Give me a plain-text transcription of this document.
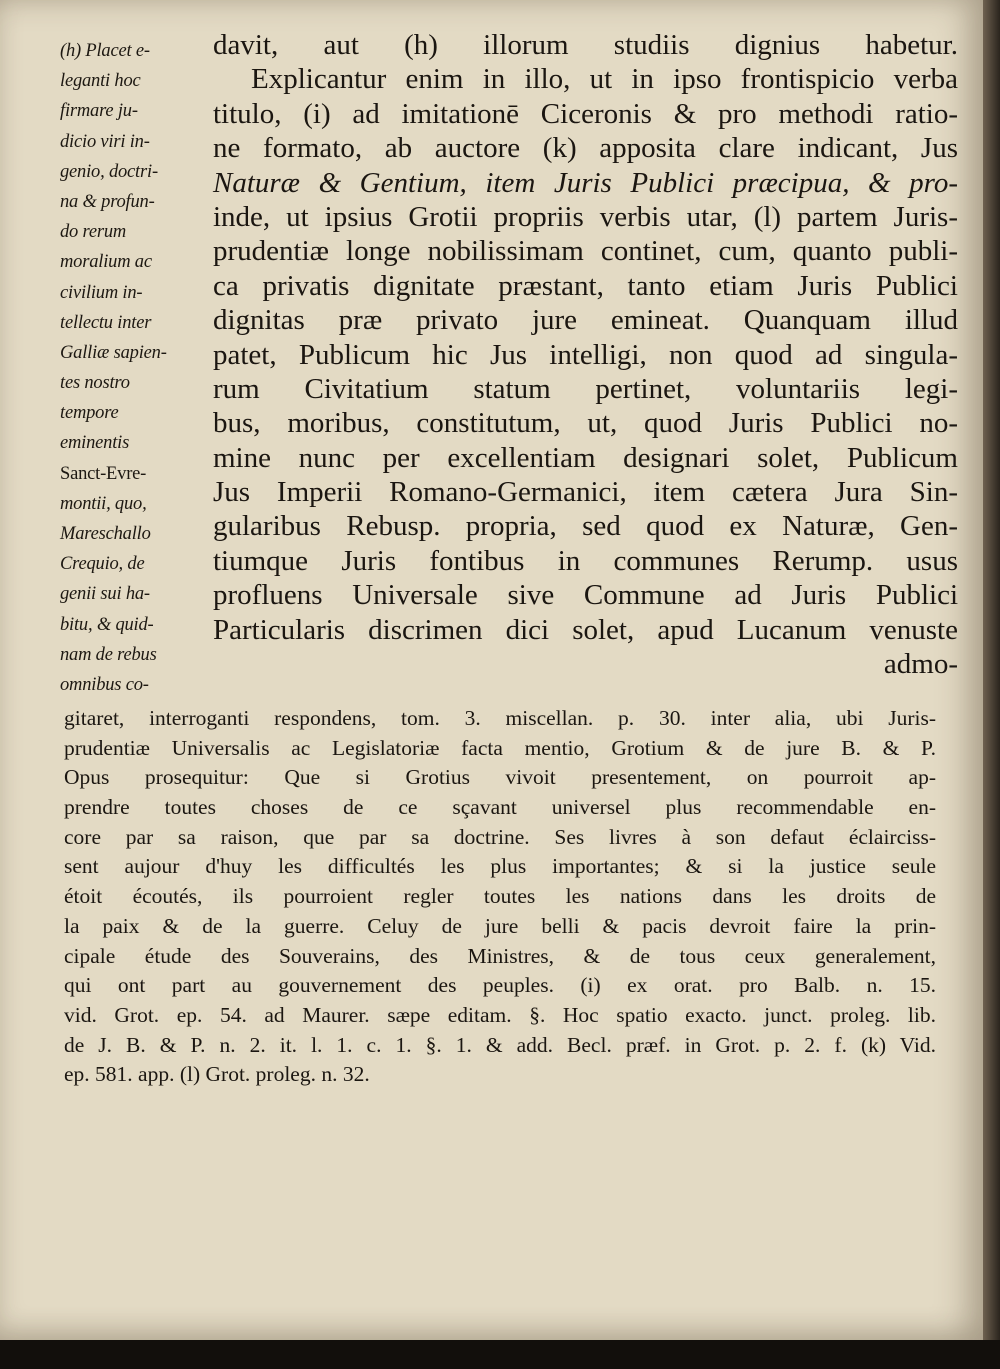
(h) Placet e-
leganti hoc
firmare ju-
dicio viri in-
genio, doctri-
na & profun-
do rerum
moralium ac
civilium in-
tellectu inter
Galliæ sapien-
tes nostro
tempore
eminentis
Sanct-Evre-
montii, quo,
Mareschallo
Crequio, de
genii sui ha-
bitu, & quid-
nam de rebus
omnibus co-
davit, aut (h) illorum studiis dignius habetur.
Explicantur enim in illo, ut in ipso frontispicio verba
titulo, (i) ad imitationē Ciceronis & pro methodi ratio-
ne formato, ab auctore (k) apposita clare indicant, Jus
Naturæ & Gentium, item Juris Publici præcipua, & pro-
inde, ut ipsius Grotii propriis verbis utar, (l) partem Juris-
prudentiæ longe nobilissimam continet, cum, quanto publi-
ca privatis dignitate præstant, tanto etiam Juris Publici
dignitas præ privato jure emineat. Quanquam illud
patet, Publicum hic Jus intelligi, non quod ad singula-
rum Civitatium statum pertinet, voluntariis legi-
bus, moribus, constitutum, ut, quod Juris Publici no-
mine nunc per excellentiam designari solet, Publicum
Jus Imperii Romano-Germanici, item cætera Jura Sin-
gularibus Rebusp. propria, sed quod ex Naturæ, Gen-
tiumque Juris fontibus in communes Rerump. usus
profluens Universale sive Commune ad Juris Publici
Particularis discrimen dici solet, apud Lucanum venuste
admo-
gitaret, interroganti respondens, tom. 3. miscellan. p. 30. inter alia, ubi Juris-
prudentiæ Universalis ac Legislatoriæ facta mentio, Grotium & de jure B. & P.
Opus prosequitur: Que si Grotius vivoit presentement, on pourroit ap-
prendre toutes choses de ce sçavant universel plus recommendable en-
core par sa raison, que par sa doctrine. Ses livres à son defaut éclairciss-
sent aujour d'huy les difficultés les plus importantes; & si la justice seule
étoit écoutés, ils pourroient regler toutes les nations dans les droits de
la paix & de la guerre. Celuy de jure belli & pacis devroit faire la prin-
cipale étude des Souverains, des Ministres, & de tous ceux generalement,
qui ont part au gouvernement des peuples. (i) ex orat. pro Balb. n. 15.
vid. Grot. ep. 54. ad Maurer. sæpe editam. §. Hoc spatio exacto. junct. proleg. lib.
de J. B. & P. n. 2. it. l. 1. c. 1. §. 1. & add. Becl. præf. in Grot. p. 2. f. (k) Vid.
ep. 581. app. (l) Grot. proleg. n. 32.
